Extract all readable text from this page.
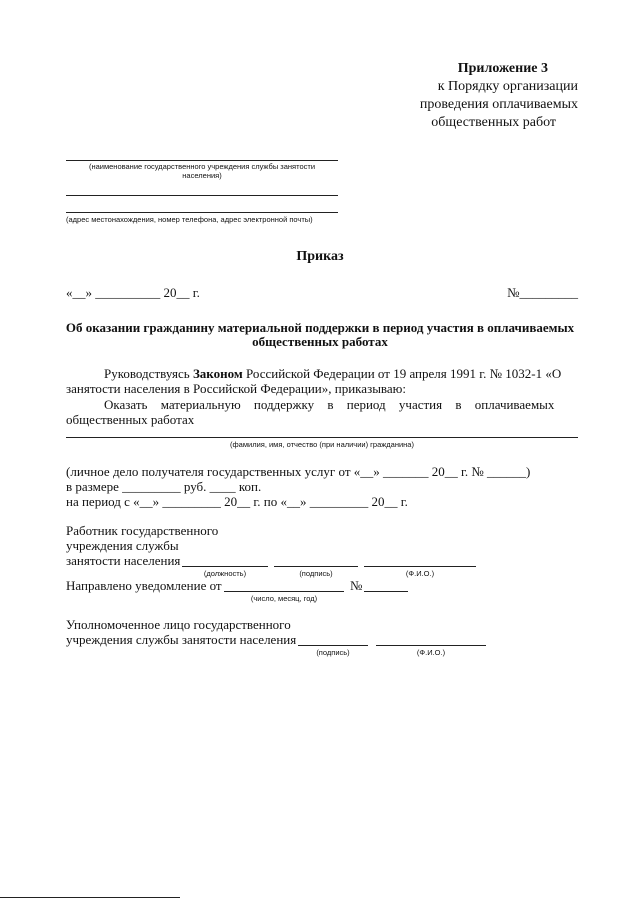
Приложение 3
к Порядку организации
проведения оплачиваемых
общественных работ
(наименование государственного учреждения службы занятости
населения)
(адрес местонахождения, номер телефона, адрес электронной почты)
Приказ
«__» __________ 20__ г.	№_________
Об оказании гражданину материальной поддержки в период участия в оплачиваемых
общественных работах
Руководствуясь Законом Российской Федерации от 19 апреля 1991 г. № 1032-1 «О
занятости населения в Российской Федерации», приказываю:
Оказать материальную поддержку в период участия в оплачиваемых
общественных работах
(фамилия, имя, отчество (при наличии) гражданина)
(личное дело получателя государственных услуг от «__» _______ 20__ г. № ______)
в размере _________ руб. ____ коп.
на период с «__» _________ 20__ г. по «__» _________ 20__ г.
Работник государственного
учреждения службы
занятости населения
(должность)	(подпись)	(Ф.И.О.)
Направлено уведомление от	№
(число, месяц, год)
Уполномоченное лицо государственного
учреждения службы занятости населения
(подпись)	(Ф.И.О.)
